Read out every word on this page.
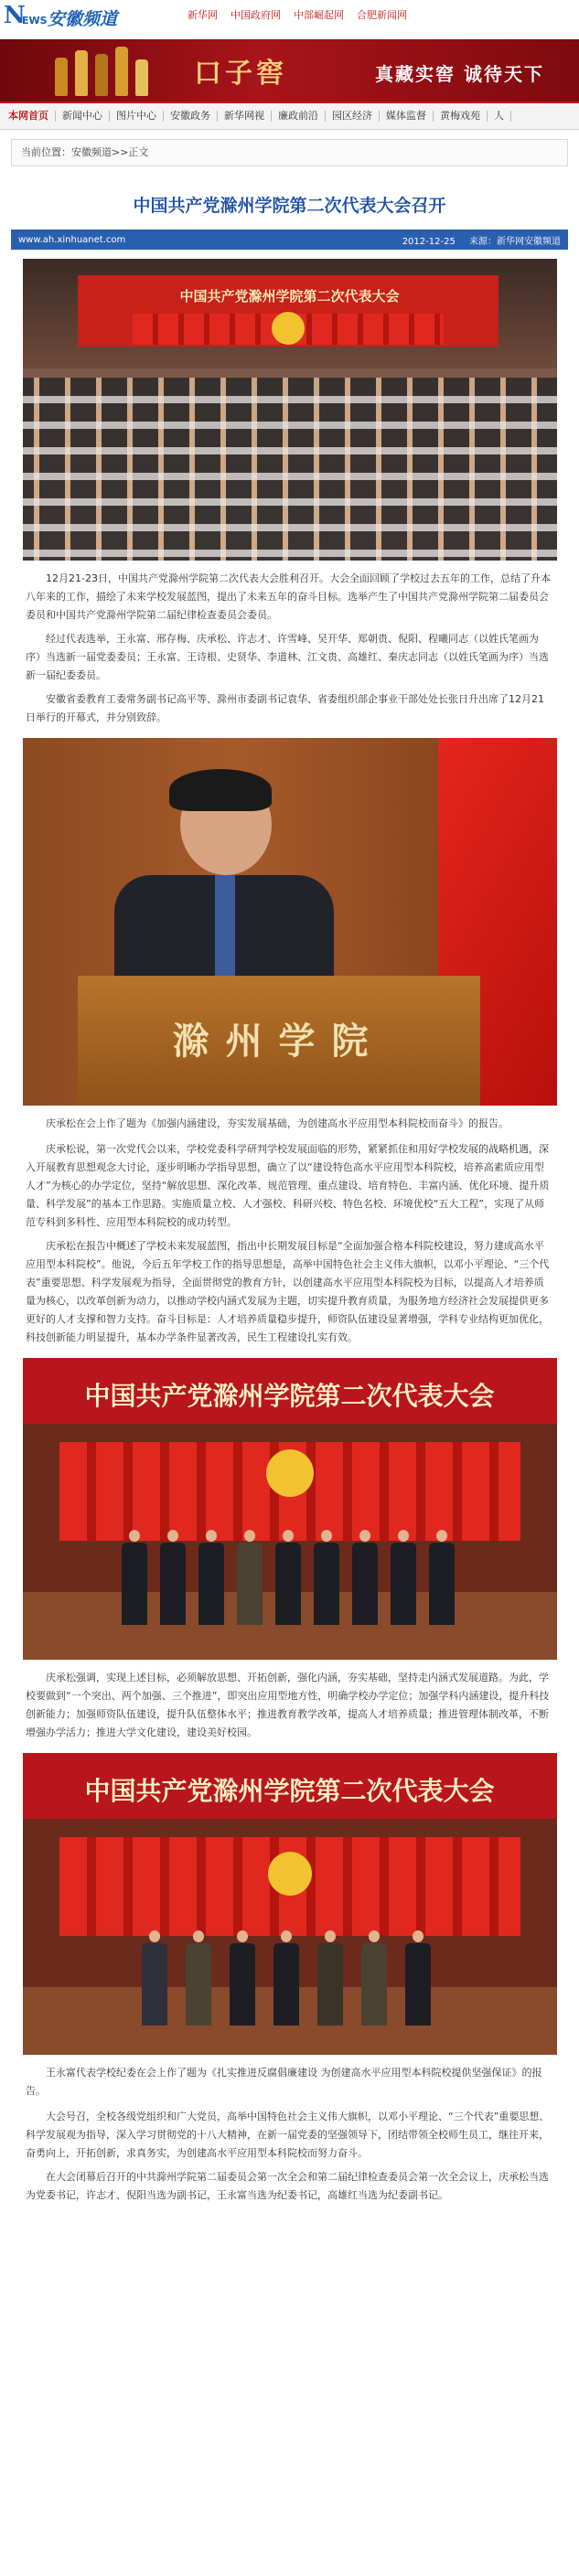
N
EWS 安徽频道	新华网 中国政府网 中部崛起网 合肥新闻网
口子窖	真藏实窖 诚待天下
本网首页	新闻中心	图片中心	安徽政务	新华网视	廉政前沿	园区经济	媒体监督	黄梅戏苑	人
当前位置：安徽频道>>正文
中国共产党滁州学院第二次代表大会召开
www.ah.xinhuanet.com	2012-12-25 来源：新华网安徽频道
中国共产党滁州学院第二次代表大会

12月21-23日，中国共产党滁州学院第二次代表大会胜利召开。大会全面回顾了学校过去五年的工作，总结了升本八年来的工作，描绘了未来学校发展蓝图，提出了未来五年的奋斗目标。选举产生了中国共产党滁州学院第二届委员会委员和中国共产党滁州学院第二届纪律检查委员会委员。

经过代表选举，王永富、邢存梅、庆承松、许志才、许雪峰、吴开华、郑朝贵、倪阳、程曦同志（以姓氏笔画为序）当选新一届党委委员；王永富、王诗根、史贤华、李道林、江文贵、高雄红、秦庆志同志（以姓氏笔画为序）当选新一届纪委委员。

安徽省委教育工委常务副书记高平等、滁州市委副书记袁华、省委组织部企事业干部处处长张日升出席了12月21日举行的开幕式，并分别致辞。

滁州学院

庆承松在会上作了题为《加强内涵建设，夯实发展基础，为创建高水平应用型本科院校而奋斗》的报告。

庆承松说，第一次党代会以来，学校党委科学研判学校发展面临的形势，紧紧抓住和用好学校发展的战略机遇，深入开展教育思想观念大讨论，逐步明晰办学指导思想，确立了以“建设特色高水平应用型本科院校，培养高素质应用型人才”为核心的办学定位，坚持“解放思想、深化改革、规范管理、重点建设、培育特色、丰富内涵、优化环境、提升质量、科学发展”的基本工作思路。实施质量立校、人才强校、科研兴校、特色名校、环境优校“五大工程”，实现了从师范专科到多科性、应用型本科院校的成功转型。

庆承松在报告中概述了学校未来发展蓝图，指出中长期发展目标是“全面加强合格本科院校建设，努力建成高水平应用型本科院校”。他说，今后五年学校工作的指导思想是，高举中国特色社会主义伟大旗帜，以邓小平理论、“三个代表”重要思想、科学发展观为指导，全面贯彻党的教育方针，以创建高水平应用型本科院校为目标，以提高人才培养质量为核心，以改革创新为动力，以推动学校内涵式发展为主题，切实提升教育质量，为服务地方经济社会发展提供更多更好的人才支撑和智力支持。奋斗目标是：人才培养质量稳步提升，师资队伍建设显著增强，学科专业结构更加优化，科技创新能力明显提升，基本办学条件显著改善，民生工程建设扎实有效。

中国共产党滁州学院第二次代表大会

庆承松强调，实现上述目标，必须解放思想、开拓创新，强化内涵，夯实基础，坚持走内涵式发展道路。为此，学校要做到“一个突出、两个加强、三个推进”，即突出应用型地方性，明确学校办学定位；加强学科内涵建设，提升科技创新能力；加强师资队伍建设，提升队伍整体水平；推进教育教学改革，提高人才培养质量；推进管理体制改革，不断增强办学活力；推进大学文化建设，建设美好校园。

中国共产党滁州学院第二次代表大会

王永富代表学校纪委在会上作了题为《扎实推进反腐倡廉建设 为创建高水平应用型本科院校提供坚强保证》的报告。

大会号召，全校各级党组织和广大党员，高举中国特色社会主义伟大旗帜，以邓小平理论、“三个代表”重要思想、科学发展观为指导，深入学习贯彻党的十八大精神，在新一届党委的坚强领导下，团结带领全校师生员工，继往开来，奋勇向上，开拓创新，求真务实，为创建高水平应用型本科院校而努力奋斗。

在大会闭幕后召开的中共滁州学院第二届委员会第一次全会和第二届纪律检查委员会第一次全会议上，庆承松当选为党委书记，许志才、倪阳当选为副书记，王永富当选为纪委书记，高雄红当选为纪委副书记。
